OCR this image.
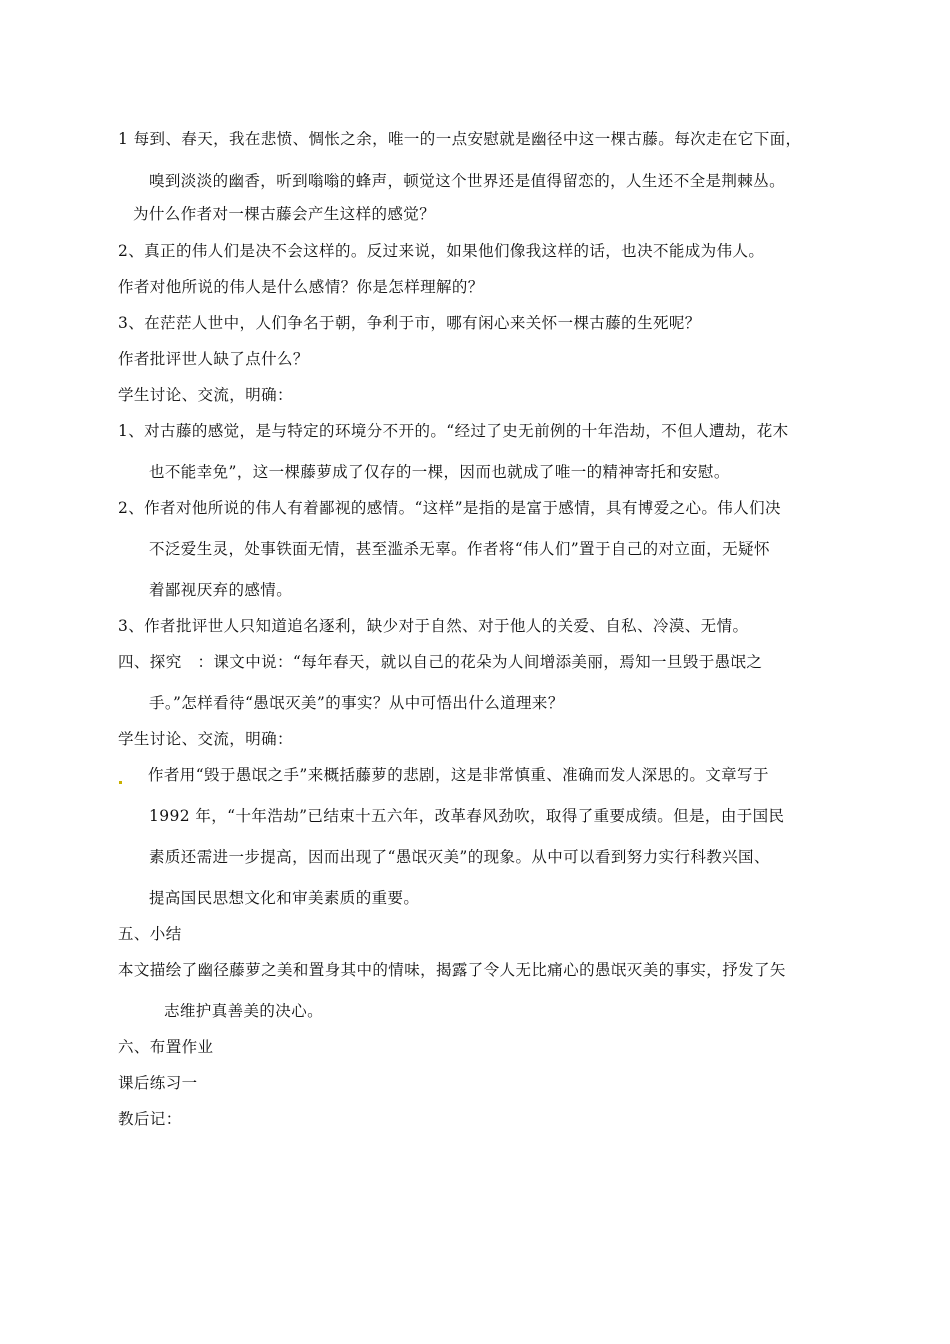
1 每到、春天，我在悲愤、惆怅之余，唯一的一点安慰就是幽径中这一棵古藤。每次走在它下面，
嗅到淡淡的幽香，听到嗡嗡的蜂声，顿觉这个世界还是值得留恋的，人生还不全是荆棘丛。
为什么作者对一棵古藤会产生这样的感觉？
2、真正的伟人们是决不会这样的。反过来说，如果他们像我这样的话，也决不能成为伟人。
作者对他所说的伟人是什么感情？你是怎样理解的？
3、在茫茫人世中，人们争名于朝，争利于市，哪有闲心来关怀一棵古藤的生死呢？
作者批评世人缺了点什么？
学生讨论、交流，明确：
1、对古藤的感觉，是与特定的环境分不开的。“经过了史无前例的十年浩劫，不但人遭劫，花木
也不能幸免”，这一棵藤萝成了仅存的一棵，因而也就成了唯一的精神寄托和安慰。
2、作者对他所说的伟人有着鄙视的感情。“这样”是指的是富于感情，具有博爱之心。伟人们决
不泛爱生灵，处事铁面无情，甚至滥杀无辜。作者将“伟人们”置于自己的对立面，无疑怀
着鄙视厌弃的感情。
3、作者批评世人只知道追名逐利，缺少对于自然、对于他人的关爱、自私、冷漠、无情。
四、探究　：课文中说：“每年春天，就以自己的花朵为人间增添美丽，焉知一旦毁于愚氓之
手。”怎样看待“愚氓灭美”的事实？从中可悟出什么道理来？
学生讨论、交流，明确：
作者用“毁于愚氓之手”来概括藤萝的悲剧，这是非常慎重、准确而发人深思的。文章写于
1992 年，“十年浩劫”已结束十五六年，改革春风劲吹，取得了重要成绩。但是，由于国民
素质还需进一步提高，因而出现了“愚氓灭美”的现象。从中可以看到努力实行科教兴国、
提高国民思想文化和审美素质的重要。
五、小结
本文描绘了幽径藤萝之美和置身其中的情味，揭露了令人无比痛心的愚氓灭美的事实，抒发了矢
志维护真善美的决心。
六、布置作业
课后练习一
教后记：
